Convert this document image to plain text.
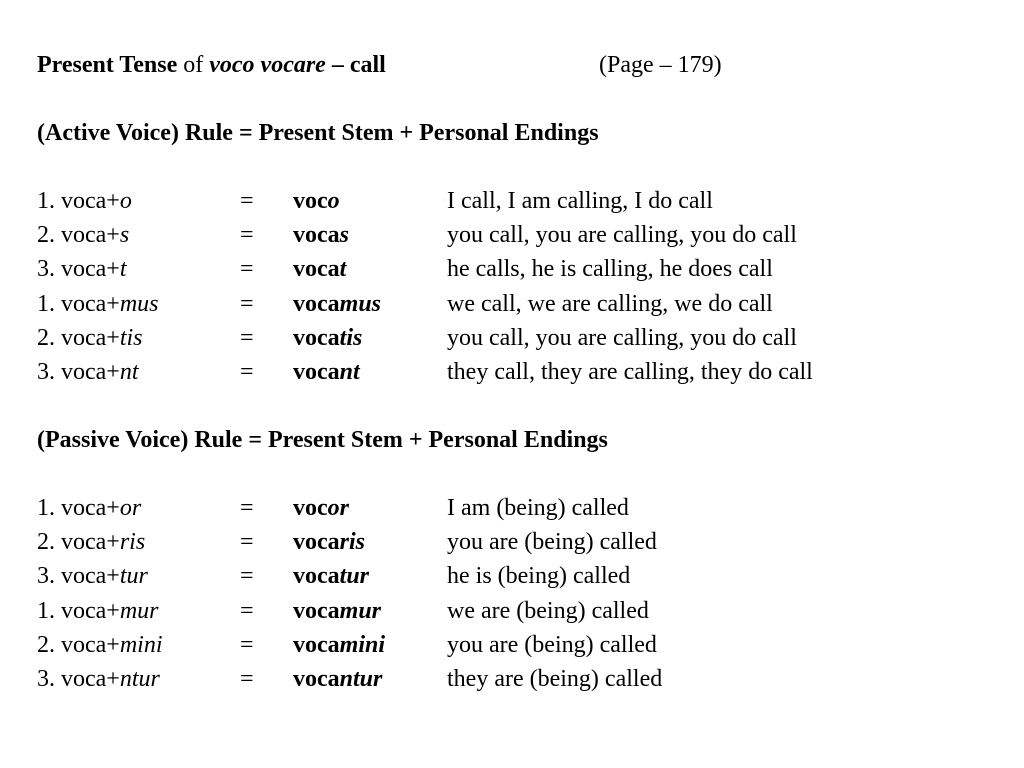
Present Tense of voco vocare – call	(Page – 179)
(Active Voice) Rule = Present Stem + Personal Endings
1. voca+o	= voco	I call, I am calling, I do call
2. voca+s	= vocas	you call, you are calling, you do call
3. voca+t	= vocat	he calls, he is calling, he does call
1. voca+mus	= vocamus	we call, we are calling, we do call
2. voca+tis	= vocatis	you call, you are calling, you do call
3. voca+nt	= vocant	they call, they are calling, they do call
(Passive Voice) Rule = Present Stem + Personal Endings
1. voca+or	= vocor	I am (being) called
2. voca+ris	= vocaris	you are (being) called
3. voca+tur	= vocatur	he is (being) called
1. voca+mur	= vocamur	we are (being) called
2. voca+mini	= vocamini	you are (being) called
3. voca+ntur	= vocantur	they are (being) called
